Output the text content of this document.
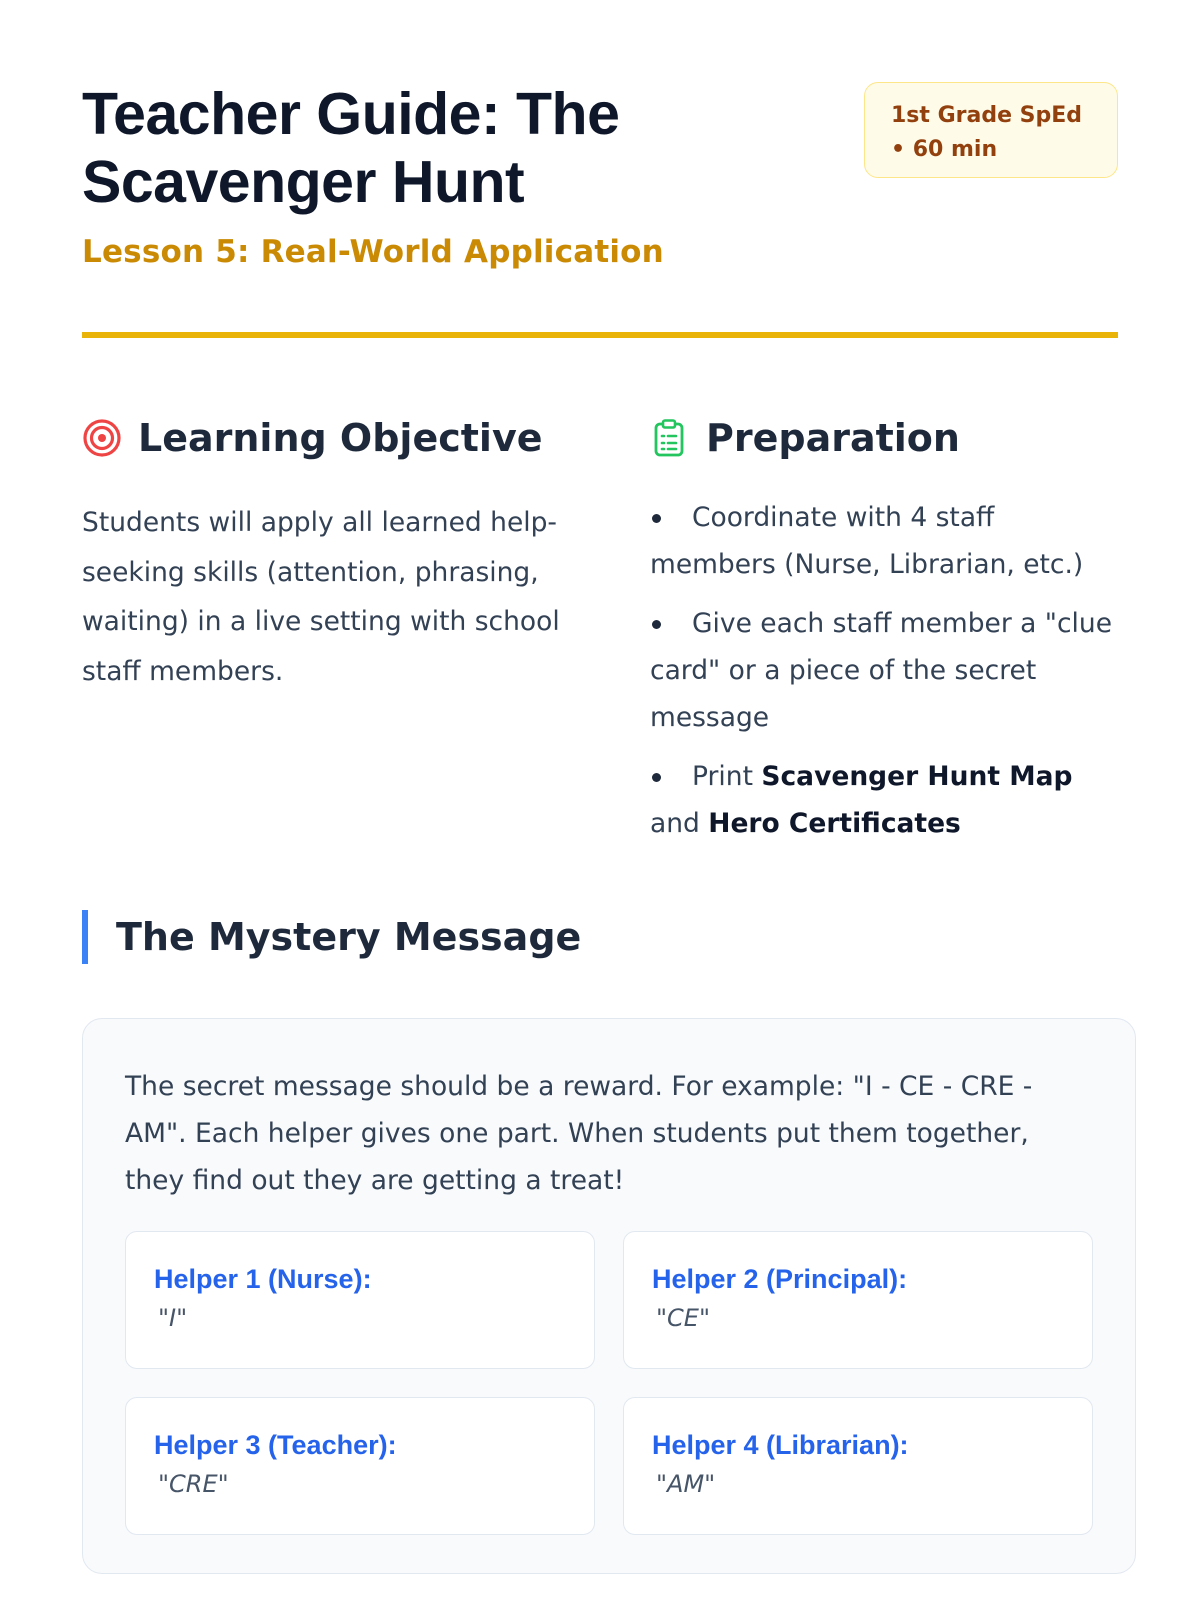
Teacher Guide: The Scavenger Hunt
Lesson 5: Real-World Application
1st Grade SpEd • 60 min
Learning Objective

Students will apply all learned help-seeking skills (attention, phrasing, waiting) in a live setting with school staff members.

Preparation
Coordinate with 4 staff members (Nurse, Librarian, etc.)
Give each staff member a "clue card" or a piece of the secret message
Print Scavenger Hunt Map and Hero Certificates
The Mystery Message

The secret message should be a reward. For example: "I - CE - CRE - AM". Each helper gives one part. When students put them together, they find out they are getting a treat!

Helper 1 (Nurse):
"I"
Helper 2 (Principal):
"CE"
Helper 3 (Teacher):
"CRE"
Helper 4 (Librarian):
"AM"
